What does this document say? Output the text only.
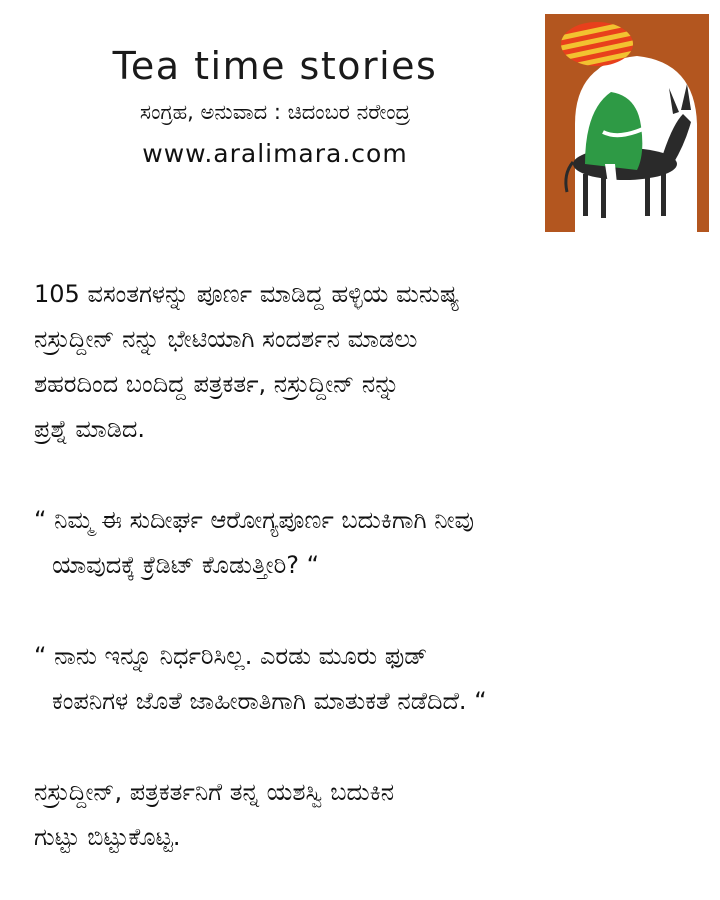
Tea time stories
ಸಂಗ್ರಹ, ಅನುವಾದ : ಚಿದಂಬರ ನರೇಂದ್ರ
www.aralimara.com
105 ವಸಂತಗಳನ್ನು ಪೂರ್ಣ ಮಾಡಿದ್ದ ಹಳ್ಳಿಯ ಮನುಷ್ಯ
ನಸ್ರುದ್ದೀನ್ ನನ್ನು ಭೇಟಿಯಾಗಿ ಸಂದರ್ಶನ ಮಾಡಲು
ಶಹರದಿಂದ ಬಂದಿದ್ದ ಪತ್ರಕರ್ತ, ನಸ್ರುದ್ದೀನ್ ನನ್ನು
ಪ್ರಶ್ನೆ ಮಾಡಿದ.
“ ನಿಮ್ಮ ಈ ಸುದೀರ್ಘ ಆರೋಗ್ಯಪೂರ್ಣ ಬದುಕಿಗಾಗಿ ನೀವು
ಯಾವುದಕ್ಕೆ ಕ್ರೆಡಿಟ್ ಕೊಡುತ್ತೀರಿ? “
“ ನಾನು ಇನ್ನೂ ನಿರ್ಧರಿಸಿಲ್ಲ. ಎರಡು ಮೂರು ಫುಡ್
ಕಂಪನಿಗಳ ಜೊತೆ ಜಾಹೀರಾತಿಗಾಗಿ ಮಾತುಕತೆ ನಡೆದಿದೆ. “
ನಸ್ರುದ್ದೀನ್, ಪತ್ರಕರ್ತನಿಗೆ ತನ್ನ ಯಶಸ್ವಿ ಬದುಕಿನ
ಗುಟ್ಟು ಬಿಟ್ಟುಕೊಟ್ಟ.
